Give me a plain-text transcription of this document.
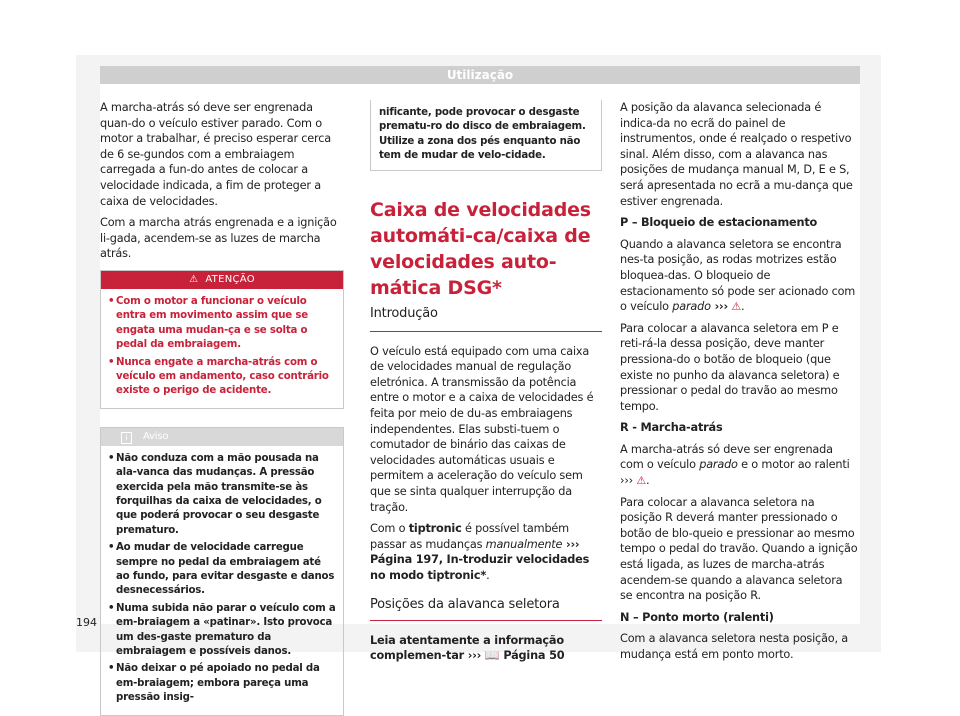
Utilização

A marcha-atrás só deve ser engrenada quan-do o veículo estiver parado. Com o motor a trabalhar, é preciso esperar cerca de 6 se-gundos com a embraiagem carregada a fun-do antes de colocar a velocidade indicada, a fim de proteger a caixa de velocidades.

Com a marcha atrás engrenada e a ignição li-gada, acendem-se as luzes de marcha atrás.

⚠ ATENÇÃO
• Com o motor a funcionar o veículo entra em movimento assim que se engata uma mudan-ça e se solta o pedal da embraiagem.
• Nunca engate a marcha-atrás com o veículo em andamento, caso contrário existe o perigo de acidente.
i Aviso
• Não conduza com a mão pousada na ala-vanca das mudanças. A pressão exercida pela mão transmite-se às forquilhas da caixa de velocidades, o que poderá provocar o seu desgaste prematuro.
• Ao mudar de velocidade carregue sempre no pedal da embraiagem até ao fundo, para evitar desgaste e danos desnecessários.
• Numa subida não parar o veículo com a em-braiagem a «patinar». Isto provoca um des-gaste prematuro da embraiagem e possíveis danos.
• Não deixar o pé apoiado no pedal da em-braiagem; embora pareça uma pressão insig-
nificante, pode provocar o desgaste prematu-ro do disco de embraiagem. Utilize a zona dos pés enquanto não tem de mudar de velo-cidade.
Caixa de velocidades automáti-ca/caixa de velocidades auto-mática DSG*
Introdução

O veículo está equipado com uma caixa de velocidades manual de regulação eletrónica. A transmissão da potência entre o motor e a caixa de velocidades é feita por meio de du-as embraiagens independentes. Elas substi-tuem o comutador de binário das caixas de velocidades automáticas usuais e permitem a aceleração do veículo sem que se sinta qualquer interrupção da tração.

Com o tiptronic é possível também passar as mudanças manualmente ››› Página 197, In-troduzir velocidades no modo tiptronic*.

Posições da alavanca seletora

Leia atentamente a informação complemen-tar ››› 📖 Página 50

A posição da alavanca selecionada é indica-da no ecrã do painel de instrumentos, onde é realçado o respetivo sinal. Além disso, com a alavanca nas posições de mudança manual M, D, E e S, será apresentada no ecrã a mu-dança que estiver engrenada.

P – Bloqueio de estacionamento

Quando a alavanca seletora se encontra nes-ta posição, as rodas motrizes estão bloquea-das. O bloqueio de estacionamento só pode ser acionado com o veículo parado ››› ⚠.

Para colocar a alavanca seletora em P e reti-rá-la dessa posição, deve manter pressiona-do o botão de bloqueio (que existe no punho da alavanca seletora) e pressionar o pedal do travão ao mesmo tempo.

R - Marcha-atrás

A marcha-atrás só deve ser engrenada com o veículo parado e o motor ao ralenti ››› ⚠.

Para colocar a alavanca seletora na posição R deverá manter pressionado o botão de blo-queio e pressionar ao mesmo tempo o pedal do travão. Quando a ignição está ligada, as luzes de marcha-atrás acendem-se quando a alavanca seletora se encontra na posição R.

N – Ponto morto (ralenti)

Com a alavanca seletora nesta posição, a mudança está em ponto morto.

194
